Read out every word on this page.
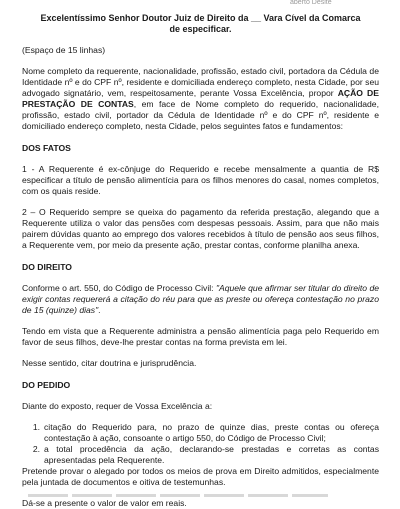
aberto Deslte
Excelentíssimo Senhor Doutor Juiz de Direito da __ Vara Cível da Comarca
de especificar.

(Espaço de 15 linhas)

Nome completo da requerente, nacionalidade, profissão, estado civil, portadora da Cédula de Identidade nº e do CPF nº, residente e domiciliada endereço completo, nesta Cidade, por seu advogado signatário, vem, respeitosamente, perante Vossa Excelência, propor AÇÃO DE PRESTAÇÃO DE CONTAS, em face de Nome completo do requerido, nacionalidade, profissão, estado civil, portador da Cédula de Identidade nº e do CPF nº, residente e domiciliado endereço completo, nesta Cidade, pelos seguintes fatos e fundamentos:

DOS FATOS

1 - A Requerente é ex-cônjuge do Requerido e recebe mensalmente a quantia de R$ especificar a título de pensão alimentícia para os filhos menores do casal, nomes completos, com os quais reside.

2 – O Requerido sempre se queixa do pagamento da referida prestação, alegando que a Requerente utiliza o valor das pensões com despesas pessoais. Assim, para que não mais pairem dúvidas quanto ao emprego dos valores recebidos à título de pensão aos seus filhos, a Requerente vem, por meio da presente ação, prestar contas, conforme planilha anexa.

DO DIREITO

Conforme o art. 550, do Código de Processo Civil: "Aquele que afirmar ser titular do direito de exigir contas requererá a citação do réu para que as preste ou ofereça contestação no prazo de 15 (quinze) dias".

Tendo em vista que a Requerente administra a pensão alimentícia paga pelo Requerido em favor de seus filhos, deve-lhe prestar contas na forma prevista em lei.

Nesse sentido, citar doutrina e jurisprudência.

DO PEDIDO

Diante do exposto, requer de Vossa Excelência a:

1. citação do Requerido para, no prazo de quinze dias, preste contas ou ofereça contestação à ação, consoante o artigo 550, do Código de Processo Civil;
2. a total procedência da ação, declarando-se prestadas e corretas as contas apresentadas pela Requerente.

Pretende provar o alegado por todos os meios de prova em Direito admitidos, especialmente pela juntada de documentos e oitiva de testemunhas.

Dá-se a presente o valor de valor em reais.
